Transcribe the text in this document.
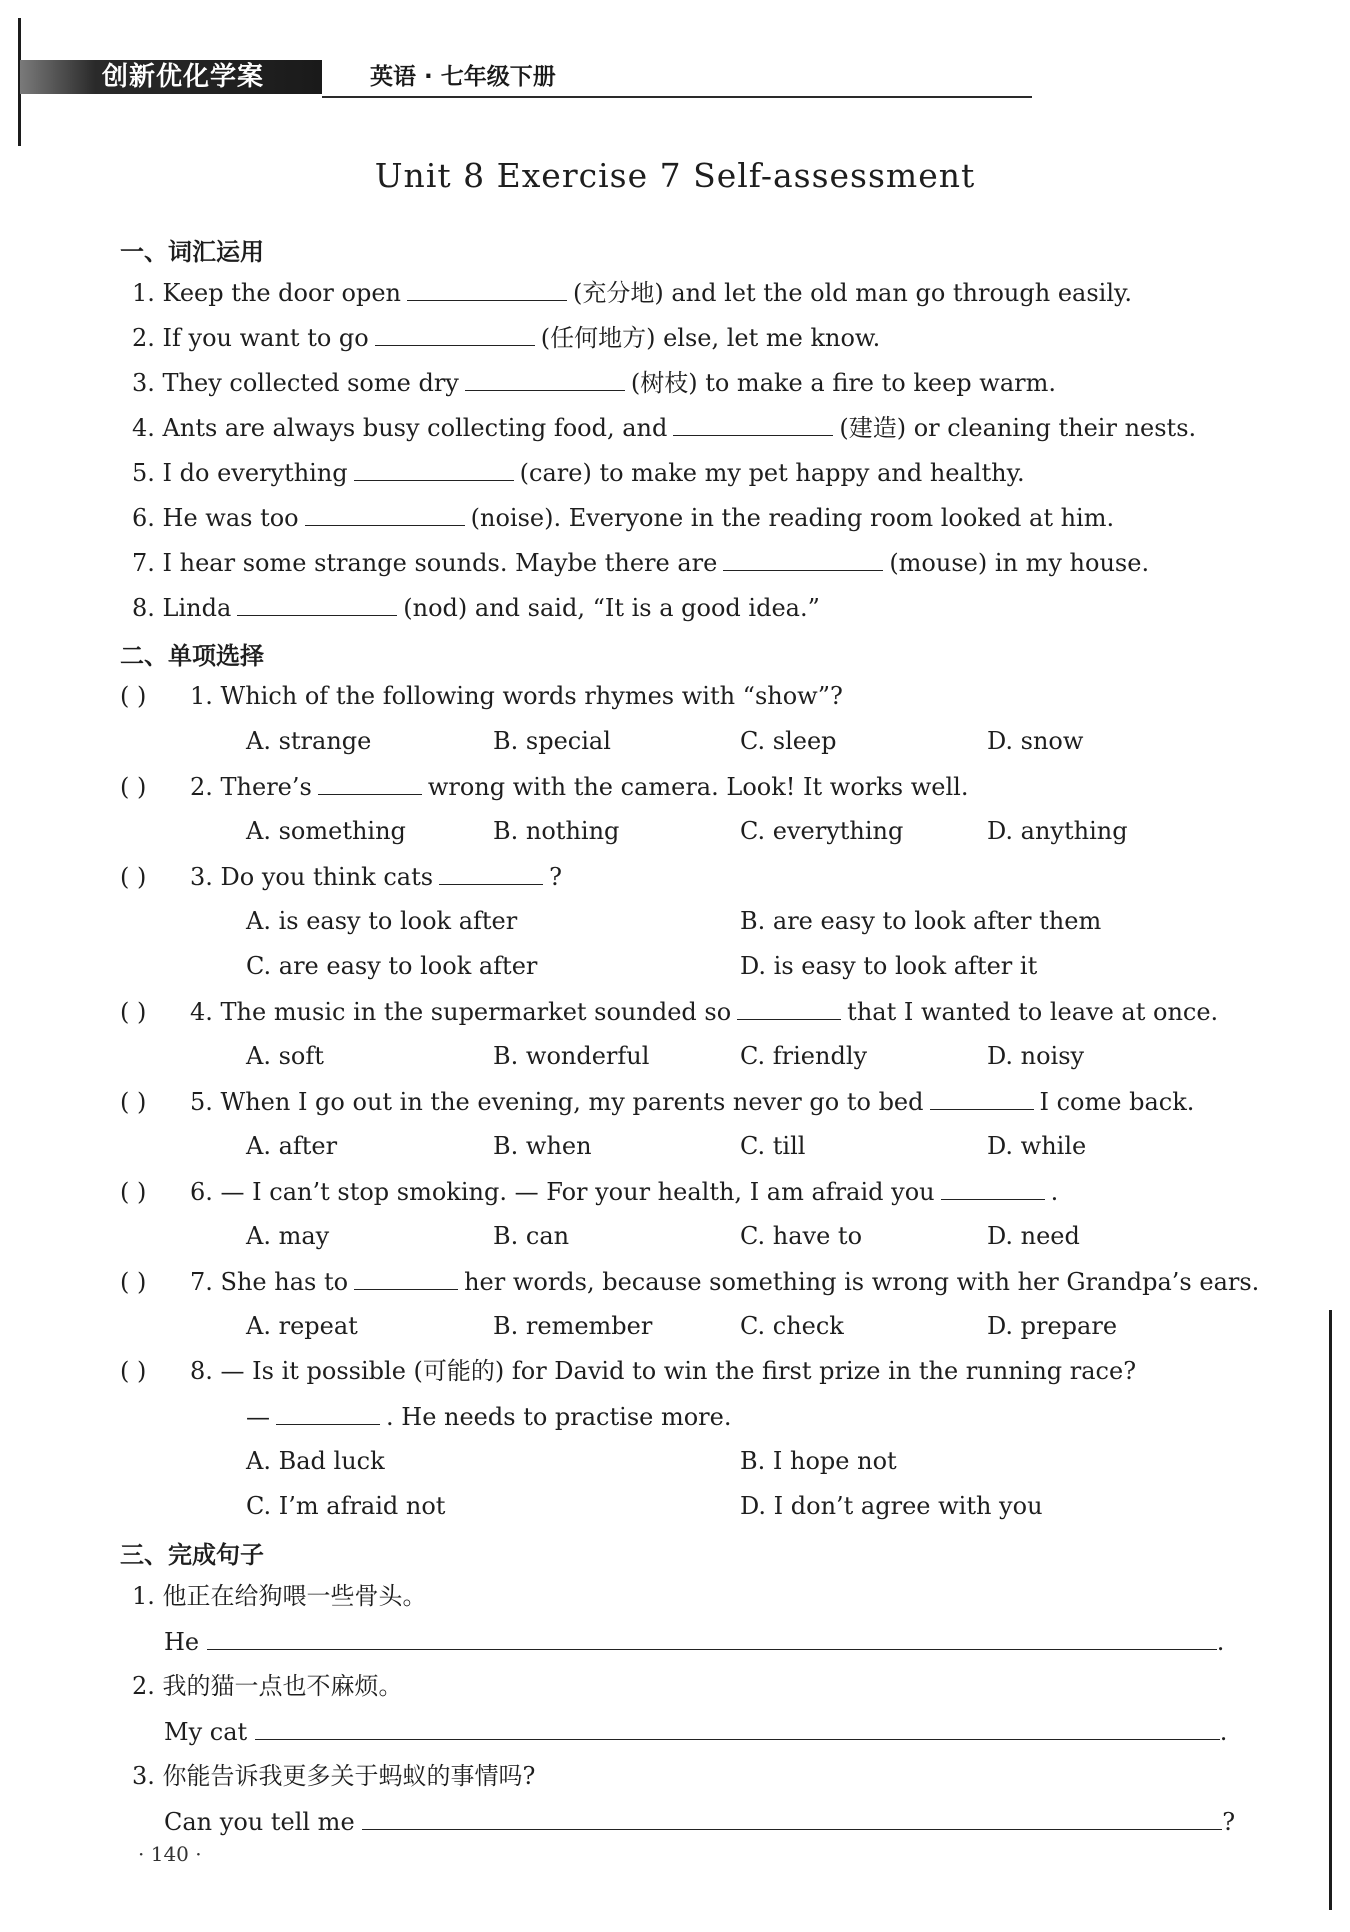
创新优化学案	英语 · 七年级下册
Unit 8 Exercise 7 Self-assessment
一、词汇运用
1. Keep the door open	(充分地) and let the old man go through easily.
2. If you want to go	(任何地方) else, let me know.
3. They collected some dry	(树枝) to make a fire to keep warm.
4. Ants are always busy collecting food, and	(建造) or cleaning their nests.
5. I do everything	(care) to make my pet happy and healthy.
6. He was too	(noise). Everyone in the reading room looked at him.
7. I hear some strange sounds. Maybe there are	(mouse) in my house.
8. Linda	(nod) and said, “It is a good idea.”
二、单项选择
( ) 1. Which of the following words rhymes with “show”?
A. strange	B. special	C. sleep	D. snow
( ) 2. There’s	wrong with the camera. Look! It works well.
A. something	B. nothing	C. everything	D. anything
( ) 3. Do you think cats	?
A. is easy to look after	B. are easy to look after them
C. are easy to look after	D. is easy to look after it
( ) 4. The music in the supermarket sounded so	that I wanted to leave at once.
A. soft	B. wonderful	C. friendly	D. noisy
( ) 5. When I go out in the evening, my parents never go to bed	I come back.
A. after	B. when	C. till	D. while
( ) 6. — I can’t stop smoking. — For your health, I am afraid you	.
A. may	B. can	C. have to	D. need
( ) 7. She has to	her words, because something is wrong with her Grandpa’s ears.
A. repeat	B. remember	C. check	D. prepare
( ) 8. — Is it possible (可能的) for David to win the first prize in the running race?
—	. He needs to practise more.
A. Bad luck	B. I hope not
C. I’m afraid not	D. I don’t agree with you
三、完成句子
1. 他正在给狗喂一些骨头。
He	.
2. 我的猫一点也不麻烦。
My cat	.
3. 你能告诉我更多关于蚂蚁的事情吗?
Can you tell me	?
· 140 ·
